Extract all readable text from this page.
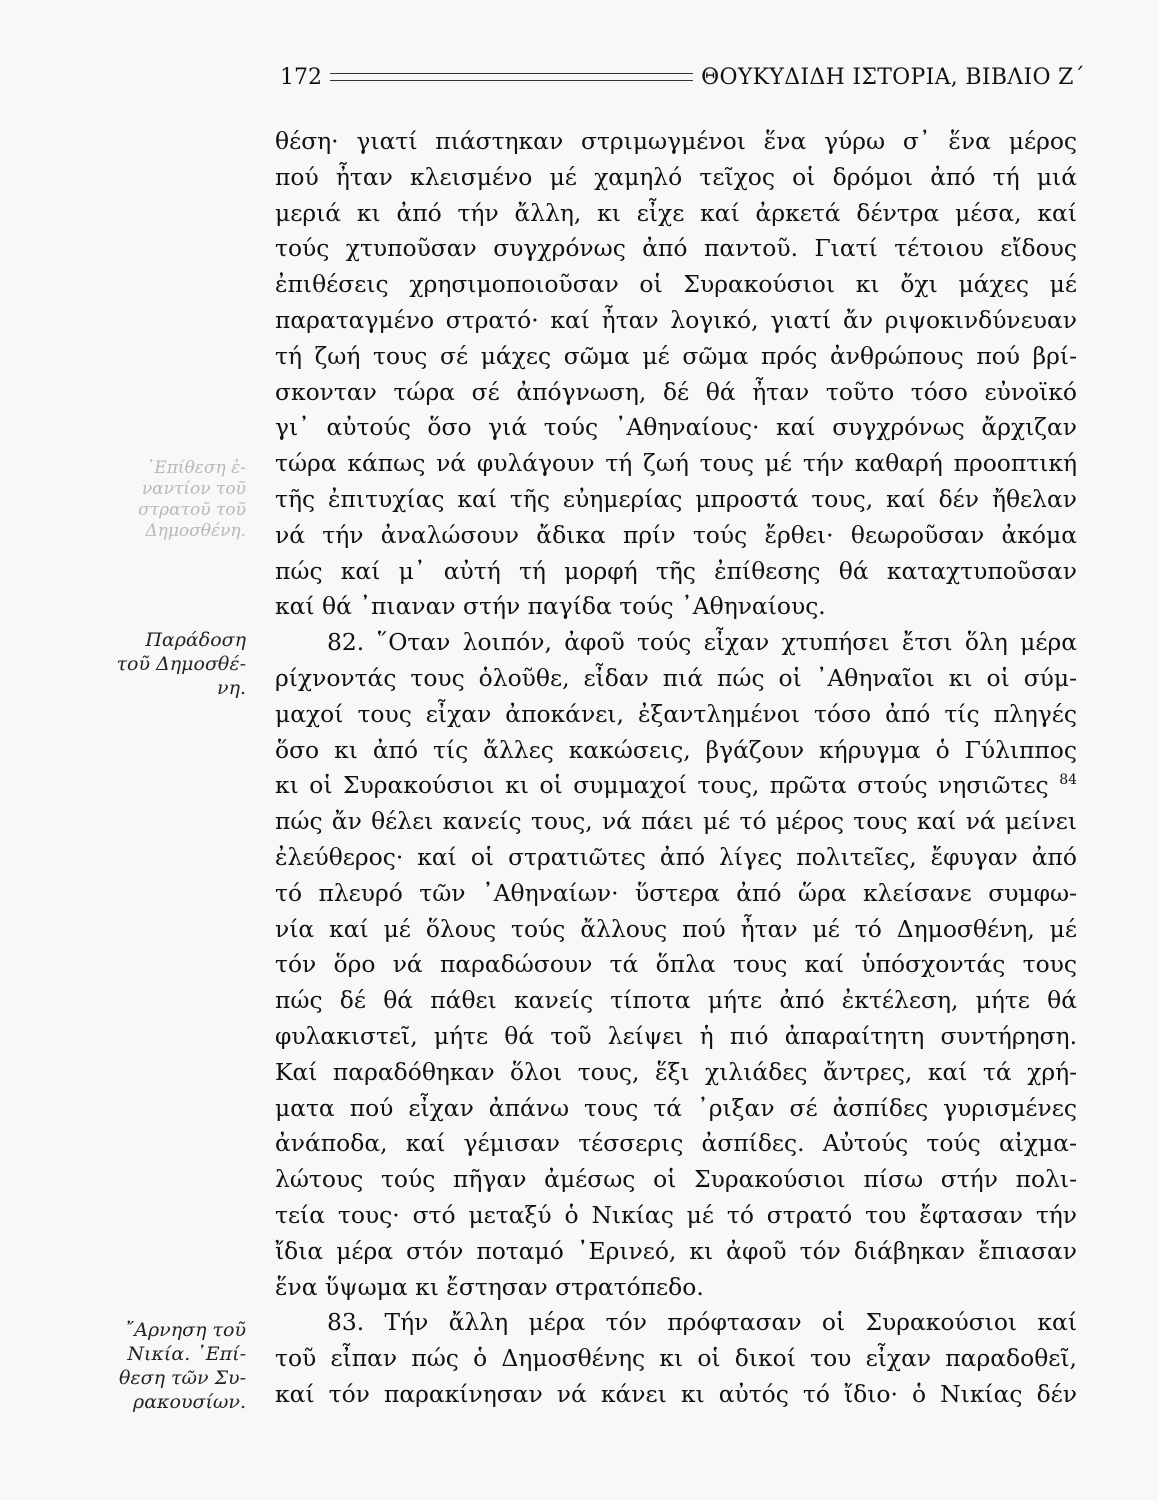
172	ΘΟΥΚΥΔΙΔΗ ΙΣΤΟΡΙΑ, ΒΙΒΛΙΟ Ζ΄
᾿Επίθεση ἐ-
ναντίον τοῦ
στρατοῦ τοῦ
Δημοσθένη.
Παράδοση
τοῦ Δημοσθέ-
νη.
῎Αρνηση τοῦ
Νικία. ᾿Επί-
θεση τῶν Συ-
ρακουσίων.
θέση· γιατί πιάστηκαν στριμωγμένοι ἕνα γύρω σ᾿ ἕνα μέρος
πού ἦταν κλεισμένο μέ χαμηλό τεῖχος οἱ δρόμοι ἀπό τή μιά
μεριά κι ἀπό τήν ἄλλη, κι εἶχε καί ἀρκετά δέντρα μέσα, καί
τούς χτυποῦσαν συγχρόνως ἀπό παντοῦ. Γιατί τέτοιου εἴδους
ἐπιθέσεις χρησιμοποιοῦσαν οἱ Συρακούσιοι κι ὄχι μάχες μέ
παραταγμένο στρατό· καί ἦταν λογικό, γιατί ἄν ριψοκινδύνευαν
τή ζωή τους σέ μάχες σῶμα μέ σῶμα πρός ἀνθρώπους πού βρί-
σκονταν τώρα σέ ἀπόγνωση, δέ θά ἦταν τοῦτο τόσο εὐνοϊκό
γι᾿ αὐτούς ὅσο γιά τούς ᾿Αθηναίους· καί συγχρόνως ἄρχιζαν
τώρα κάπως νά φυλάγουν τή ζωή τους μέ τήν καθαρή προοπτική
τῆς ἐπιτυχίας καί τῆς εὐημερίας μπροστά τους, καί δέν ἤθελαν
νά τήν ἀναλώσουν ἄδικα πρίν τούς ἔρθει· θεωροῦσαν ἀκόμα
πώς καί μ᾿ αὐτή τή μορφή τῆς ἐπίθεσης θά καταχτυποῦσαν
καί θά ᾿πιαναν στήν παγίδα τούς ᾿Αθηναίους.
82. ῞Οταν λοιπόν, ἀφοῦ τούς εἶχαν χτυπήσει ἔτσι ὅλη μέρα
ρίχνοντάς τους ὁλοῦθε, εἶδαν πιά πώς οἱ ᾿Αθηναῖοι κι οἱ σύμ-
μαχοί τους εἶχαν ἀποκάνει, ἐξαντλημένοι τόσο ἀπό τίς πληγές
ὅσο κι ἀπό τίς ἄλλες κακώσεις, βγάζουν κήρυγμα ὁ Γύλιππος
κι οἱ Συρακούσιοι κι οἱ συμμαχοί τους, πρῶτα στούς νησιῶτες $^{84}$
πώς ἄν θέλει κανείς τους, νά πάει μέ τό μέρος τους καί νά μείνει
ἐλεύθερος· καί οἱ στρατιῶτες ἀπό λίγες πολιτεῖες, ἔφυγαν ἀπό
τό πλευρό τῶν ᾿Αθηναίων· ὕστερα ἀπό ὥρα κλείσανε συμφω-
νία καί μέ ὅλους τούς ἄλλους πού ἦταν μέ τό Δημοσθένη, μέ
τόν ὅρο νά παραδώσουν τά ὅπλα τους καί ὑπόσχοντάς τους
πώς δέ θά πάθει κανείς τίποτα μήτε ἀπό ἐκτέλεση, μήτε θά
φυλακιστεῖ, μήτε θά τοῦ λείψει ἡ πιό ἀπαραίτητη συντήρηση.
Καί παραδόθηκαν ὅλοι τους, ἕξι χιλιάδες ἄντρες, καί τά χρή-
ματα πού εἶχαν ἀπάνω τους τά ᾿ριξαν σέ ἀσπίδες γυρισμένες
ἀνάποδα, καί γέμισαν τέσσερις ἀσπίδες. Αὐτούς τούς αἰχμα-
λώτους τούς πῆγαν ἀμέσως οἱ Συρακούσιοι πίσω στήν πολι-
τεία τους· στό μεταξύ ὁ Νικίας μέ τό στρατό του ἔφτασαν τήν
ἴδια μέρα στόν ποταμό ᾿Ερινεό, κι ἀφοῦ τόν διάβηκαν ἔπιασαν
ἕνα ὕψωμα κι ἔστησαν στρατόπεδο.
83. Τήν ἄλλη μέρα τόν πρόφτασαν οἱ Συρακούσιοι καί
τοῦ εἶπαν πώς ὁ Δημοσθένης κι οἱ δικοί του εἶχαν παραδοθεῖ,
καί τόν παρακίνησαν νά κάνει κι αὐτός τό ἴδιο· ὁ Νικίας δέν
